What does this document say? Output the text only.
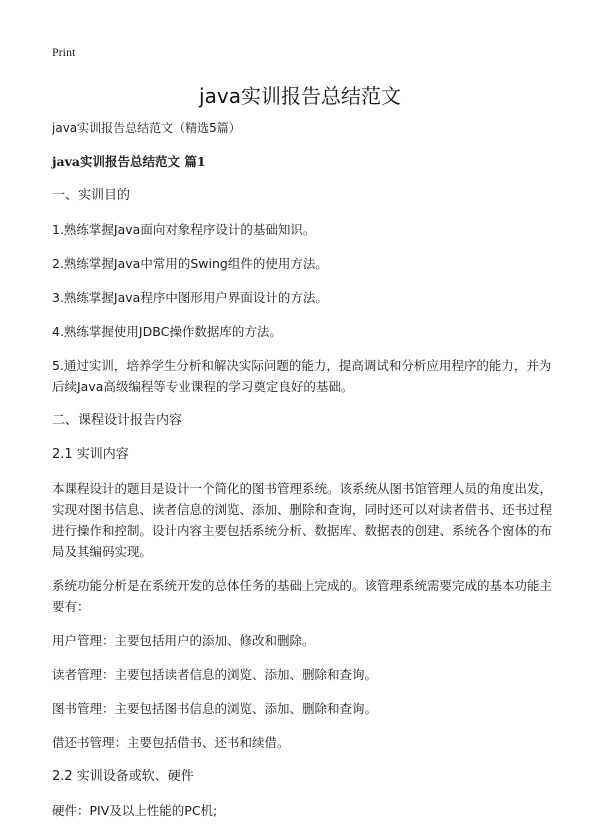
Print
java实训报告总结范文

java实训报告总结范文（精选5篇）

java实训报告总结范文 篇1

一、实训目的

1.熟练掌握Java面向对象程序设计的基础知识。

2.熟练掌握Java中常用的Swing组件的使用方法。

3.熟练掌握Java程序中图形用户界面设计的方法。

4.熟练掌握使用JDBC操作数据库的方法。

5.通过实训，培养学生分析和解决实际问题的能力，提高调试和分析应用程序的能力，并为后续Java高级编程等专业课程的学习奠定良好的基础。

二、课程设计报告内容

2.1 实训内容

本课程设计的题目是设计一个简化的图书管理系统。该系统从图书馆管理人员的角度出发，实现对图书信息、读者信息的浏览、添加、删除和查询，同时还可以对读者借书、还书过程进行操作和控制。设计内容主要包括系统分析、数据库、数据表的创建、系统各个窗体的布局及其编码实现。

系统功能分析是在系统开发的总体任务的基础上完成的。该管理系统需要完成的基本功能主要有：

用户管理：主要包括用户的添加、修改和删除。

读者管理：主要包括读者信息的浏览、添加、删除和查询。

图书管理：主要包括图书信息的浏览、添加、删除和查询。

借还书管理：主要包括借书、还书和续借。

2.2 实训设备或软、硬件

硬件：PIV及以上性能的PC机;
